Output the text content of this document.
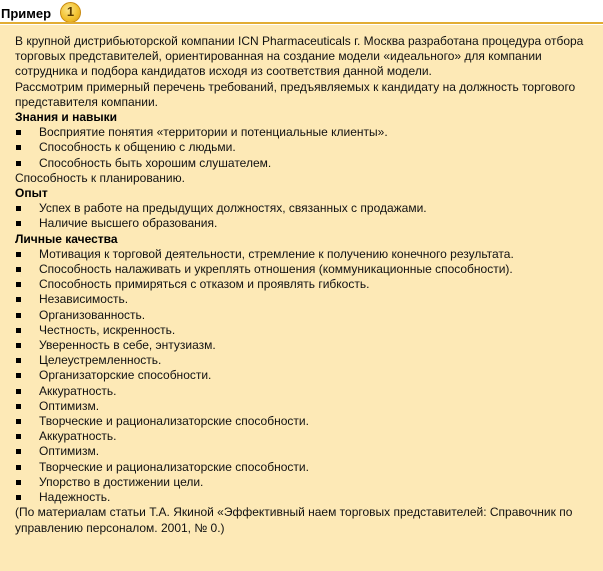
Пример	1

В крупной дистрибьюторской компании ICN Pharmaceuticals г. Москва разработана процедура отбора торговых представителей, ориентированная на создание модели «идеального» для компании сотрудника и подбора кандидатов исходя из соответствия данной модели.

Рассмотрим примерный перечень требований, предъявляемых к кандидату на должность торгового представителя компании.

Знания и навыки

Восприятие понятия «территории и потенциальные клиенты».
Способность к общению с людьми.
Способность быть хорошим слушателем.

Способность к планированию.

Опыт

Успех в работе на предыдущих должностях, связанных с продажами.
Наличие высшего образования.

Личные качества

Мотивация к торговой деятельности, стремление к получению конечного результата.
Способность налаживать и укреплять отношения (коммуникационные способности).
Способность примиряться с отказом и проявлять гибкость.
Независимость.
Организованность.
Честность, искренность.
Уверенность в себе, энтузиазм.
Целеустремленность.
Организаторские способности.
Аккуратность.
Оптимизм.
Творческие и рационализаторские способности.
Аккуратность.
Оптимизм.
Творческие и рационализаторские способности.
Упорство в достижении цели.
Надежность.

(По материалам статьи Т.А. Якиной «Эффективный наем торговых представителей: Справочник по управлению персоналом. 2001, № 0.)
